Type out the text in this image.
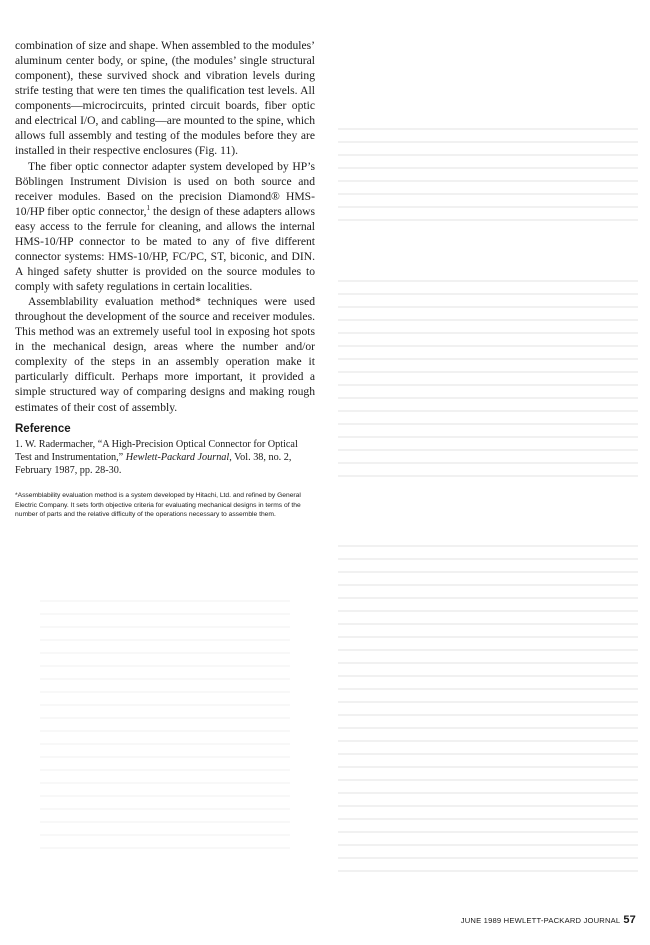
combination of size and shape. When assembled to the modules’ aluminum center body, or spine, (the modules’ single structural component), these survived shock and vibration levels during strife testing that were ten times the qualification test levels. All components—microcircuits, printed circuit boards, fiber optic and electrical I/O, and cabling—are mounted to the spine, which allows full assembly and testing of the modules before they are installed in their respective enclosures (Fig. 11).

The fiber optic connector adapter system developed by HP’s Böblingen Instrument Division is used on both source and receiver modules. Based on the precision Diamond® HMS-10/HP fiber optic connector,$^1$ the design of these adapters allows easy access to the ferrule for cleaning, and allows the internal HMS-10/HP connector to be mated to any of five different connector systems: HMS-10/HP, FC/PC, ST, biconic, and DIN. A hinged safety shutter is provided on the source modules to comply with safety regulations in certain localities.

Assemblability evaluation method* techniques were used throughout the development of the source and receiver modules. This method was an extremely useful tool in exposing hot spots in the mechanical design, areas where the number and/or complexity of the steps in an assembly operation make it particularly difficult. Perhaps more important, it provided a simple structured way of comparing designs and making rough estimates of their cost of assembly.

Reference
1. W. Radermacher, “A High-Precision Optical Connector for Optical Test and Instrumentation,” Hewlett-Packard Journal, Vol. 38, no. 2, February 1987, pp. 28-30.
*Assemblability evaluation method is a system developed by Hitachi, Ltd. and refined by General Electric Company. It sets forth objective criteria for evaluating mechanical designs in terms of the number of parts and the relative difficulty of the operations necessary to assemble them.
JUNE 1989 HEWLETT-PACKARD JOURNAL 57
